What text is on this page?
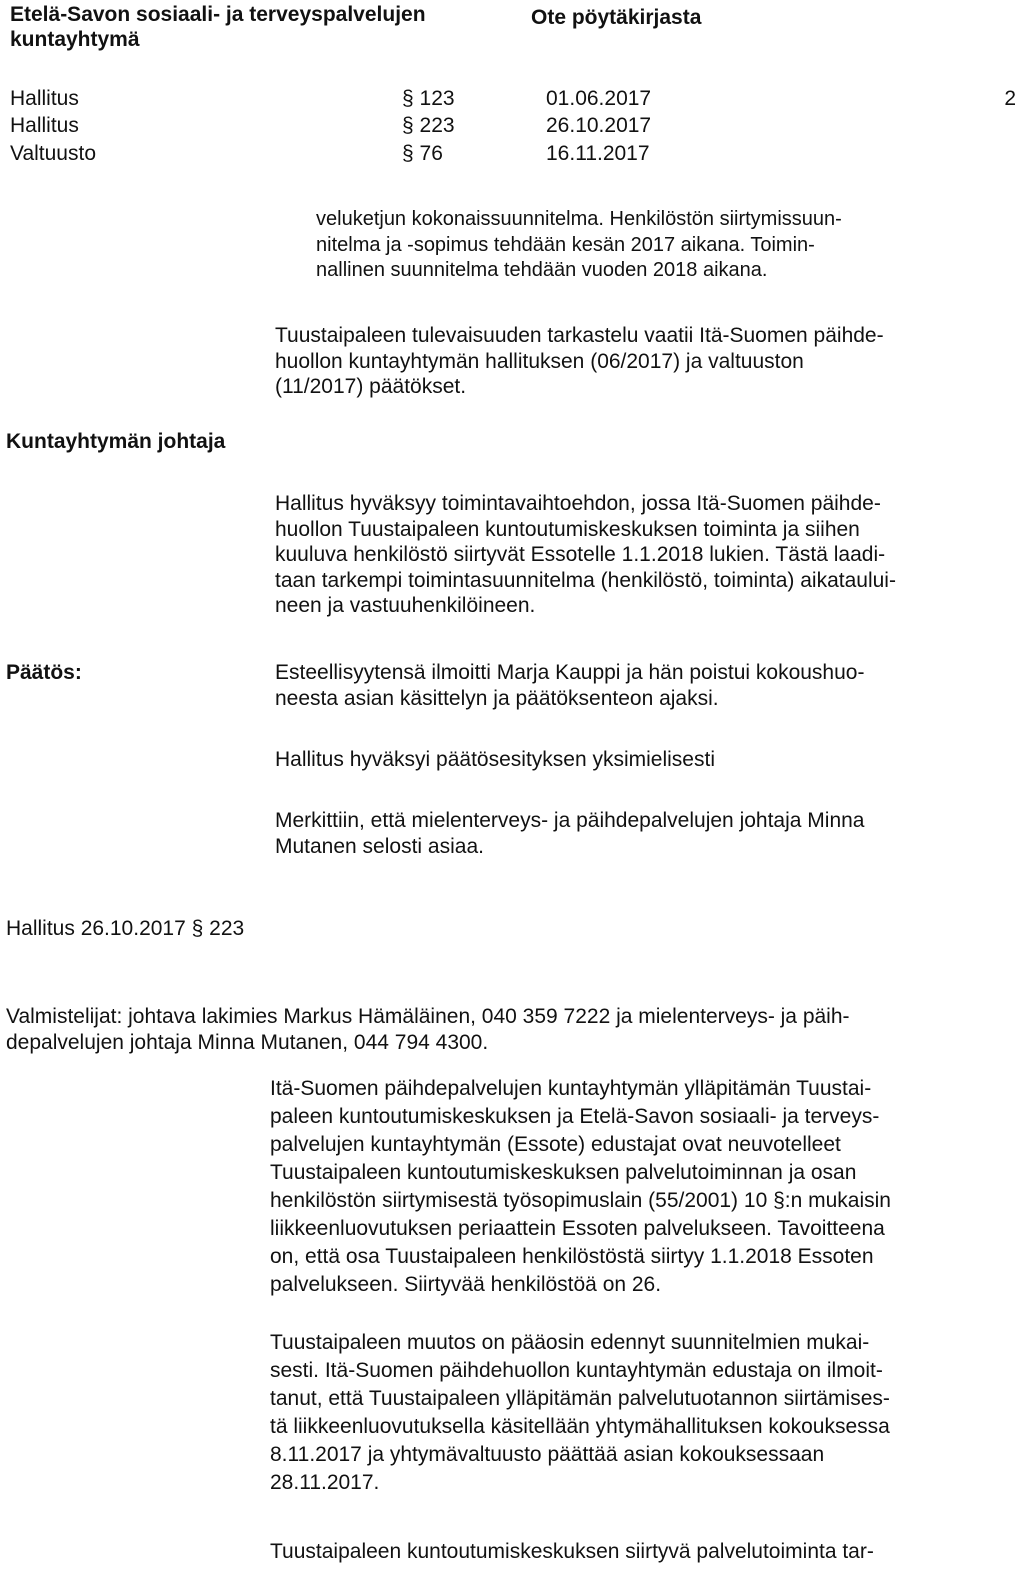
Etelä-Savon sosiaali- ja terveyspalvelujen
kuntayhtymä
Ote pöytäkirjasta
Hallitus	§ 123	01.06.2017	2
Hallitus	§ 223	26.10.2017
Valtuusto	§ 76	16.11.2017
veluketjun kokonaissuunnitelma. Henkilöstön siirtymissuun-
nitelma ja -sopimus tehdään kesän 2017 aikana. Toimin-
nallinen suunnitelma tehdään vuoden 2018 aikana.
Tuustaipaleen tulevaisuuden tarkastelu vaatii Itä-Suomen päihde-
huollon kuntayhtymän hallituksen (06/2017) ja valtuuston
(11/2017) päätökset.
Kuntayhtymän johtaja
Hallitus hyväksyy toimintavaihtoehdon, jossa Itä-Suomen päihde-
huollon Tuustaipaleen kuntoutumiskeskuksen toiminta ja siihen
kuuluva henkilöstö siirtyvät Essotelle 1.1.2018 lukien. Tästä laadi-
taan tarkempi toimintasuunnitelma (henkilöstö, toiminta) aikataului-
neen ja vastuuhenkilöineen.
Päätös:	Esteellisyytensä ilmoitti Marja Kauppi ja hän poistui kokoushuo-
neesta asian käsittelyn ja päätöksenteon ajaksi.
Hallitus hyväksyi päätösesityksen yksimielisesti
Merkittiin, että mielenterveys- ja päihdepalvelujen johtaja Minna
Mutanen selosti asiaa.
Hallitus 26.10.2017 § 223
Valmistelijat: johtava lakimies Markus Hämäläinen, 040 359 7222 ja mielenterveys- ja päih-
depalvelujen johtaja Minna Mutanen, 044 794 4300.
Itä-Suomen päihdepalvelujen kuntayhtymän ylläpitämän Tuustai-
paleen kuntoutumiskeskuksen ja Etelä-Savon sosiaali- ja terveys-
palvelujen kuntayhtymän (Essote) edustajat ovat neuvotelleet
Tuustaipaleen kuntoutumiskeskuksen palvelutoiminnan ja osan
henkilöstön siirtymisestä työsopimuslain (55/2001) 10 §:n mukaisin
liikkeenluovutuksen periaattein Essoten palvelukseen. Tavoitteena
on, että osa Tuustaipaleen henkilöstöstä siirtyy 1.1.2018 Essoten
palvelukseen. Siirtyvää henkilöstöä on 26.
Tuustaipaleen muutos on pääosin edennyt suunnitelmien mukai-
sesti. Itä-Suomen päihdehuollon kuntayhtymän edustaja on ilmoit-
tanut, että Tuustaipaleen ylläpitämän palvelutuotannon siirtämises-
tä liikkeenluovutuksella käsitellään yhtymähallituksen kokouksessa
8.11.2017 ja yhtymävaltuusto päättää asian kokouksessaan
28.11.2017.
Tuustaipaleen kuntoutumiskeskuksen siirtyvä palvelutoiminta tar-
